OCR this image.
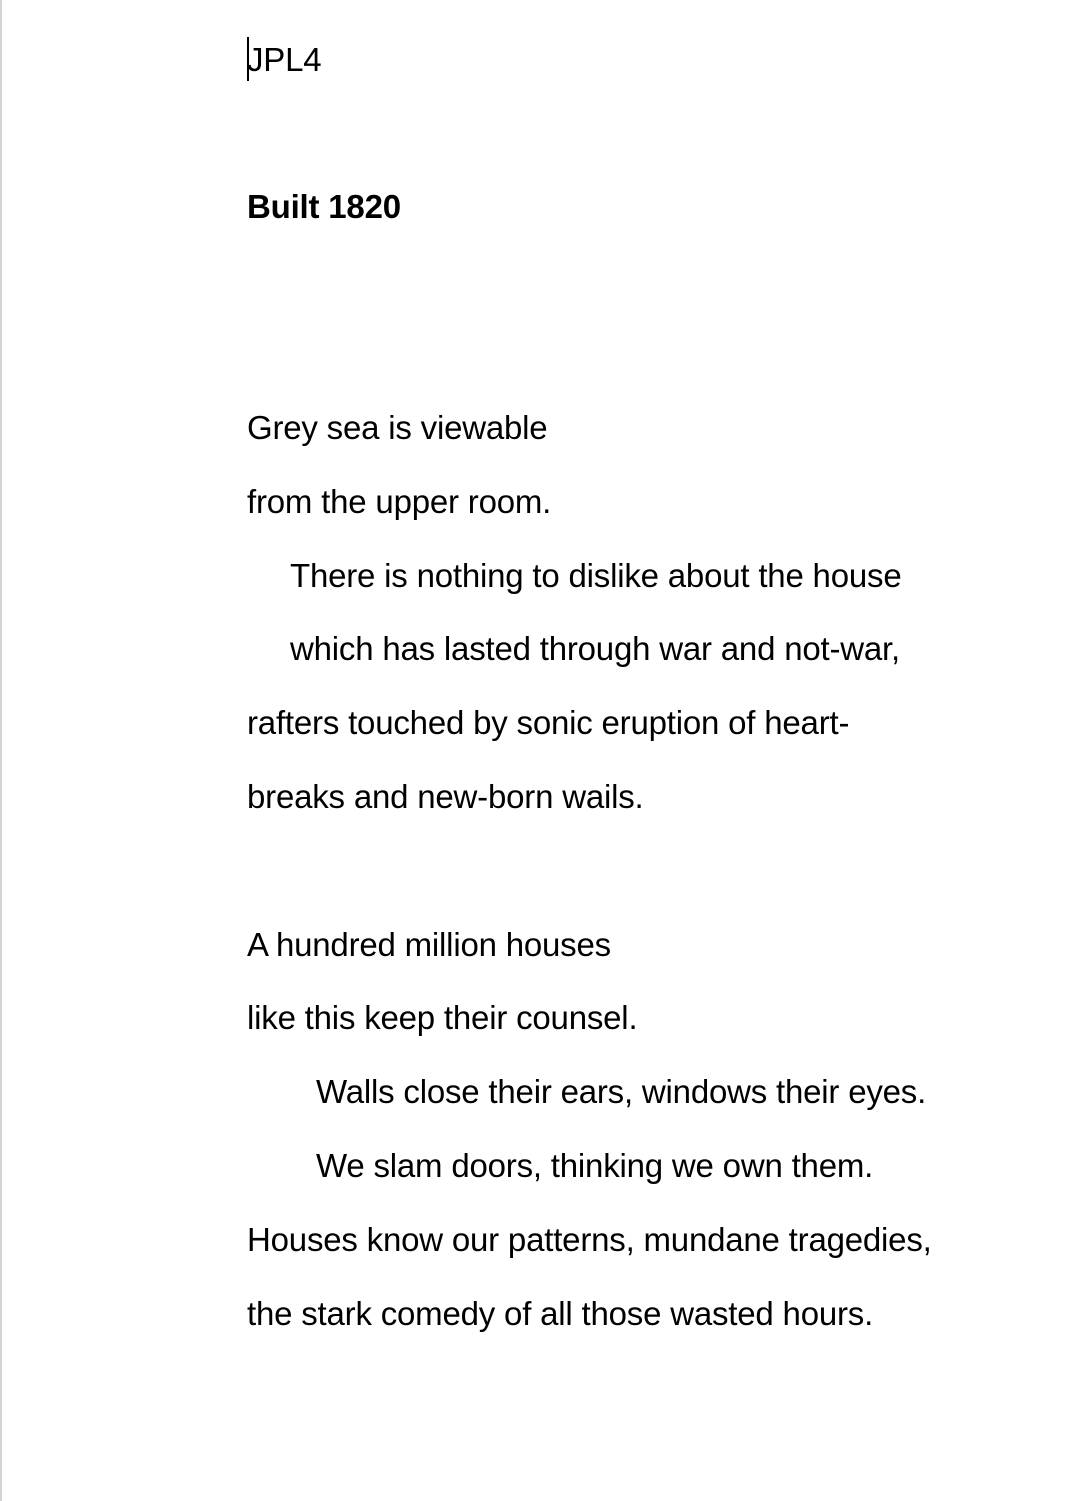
JPL4
Built 1820
Grey sea is viewable
from the upper room.
There is nothing to dislike about the house
which has lasted through war and not-war,
rafters touched by sonic eruption of heart-
breaks and new-born wails.
A hundred million houses
like this keep their counsel.
Walls close their ears, windows their eyes.
We slam doors, thinking we own them.
Houses know our patterns, mundane tragedies,
the stark comedy of all those wasted hours.
